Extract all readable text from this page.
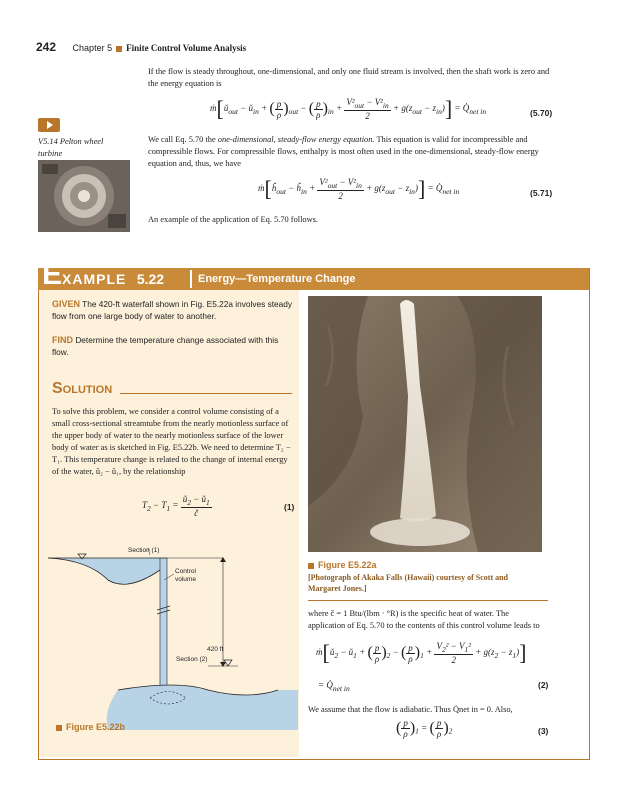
242 Chapter 5 Finite Control Volume Analysis
If the flow is steady throughout, one-dimensional, and only one fluid stream is involved, then the shaft work is zero and the energy equation is
$ṁ[ǔ_{out}$ − $ǔ_{in}$ + ( $\frac{p}{\rho} )_{out}$ − ( $\frac{p}{\rho} )_{in} + \frac{V^2_{out} - V^2_{in}}{2} + g(z_{out} - z_{in})$] = $Q̇_{net in}$	(5.70)
V5.14 Pelton wheel turbine
We call Eq. 5.70 the one-dimensional, steady-flow energy equation. This equation is valid for incompressible and compressible flows. For compressible flows, enthalpy is most often used in the one-dimensional, steady-flow energy equation and, thus, we have
$ṁ[ȟ_{out}$ − $ȟ_{in} + \frac{V^2_{out} - V^2_{in}}{2} + g(z_{out} - z_{in})$] = $Q̇_{net in}$	(5.71)
An example of the application of Eq. 5.70 follows.
EXAMPLE 5.22	Energy—Temperature Change
GIVEN The 420-ft waterfall shown in Fig. E5.22a involves steady flow from one large body of water to another.
FIND Determine the temperature change associated with this flow.
SOLUTION
To solve this problem, we consider a control volume consisting of a small cross-sectional streamtube from the nearly motionless surface of the upper body of water to the nearly motionless surface of the lower body of water as is sketched in Fig. E5.22b. We need to determine T₂ − T₁. This temperature change is related to the change of internal energy of the water, ǔ₂ − ǔ₁, by the relationship
$T_2 - T_1 = \frac{ǔ_2 - ǔ_1}{č}$	(1)
Section (1)
Control
volume
420 ft
Section (2)
Figure E5.22b
Figure E5.22a
[Photograph of Akaka Falls (Hawaii) courtesy of Scott and Margaret Jones.]
where č = 1 Btu/(lbm · °R) is the specific heat of water. The application of Eq. 5.70 to the contents of this control volume leads to
$ṁ[ǔ_2$ − $ǔ_1$ + ( $\frac{p}{\rho} )_2$ − ( $\frac{p}{\rho} )_1 + \frac{V_2^2 - V_1^2}{2} + g(z_2 - z_1)$]
= $Q̇_{net in}$	(2)
We assume that the flow is adiabatic. Thus Q̇net in = 0. Also,
( $\frac{p}{\rho} )_1$ = ( $\frac{p}{\rho} )_2$	(3)
